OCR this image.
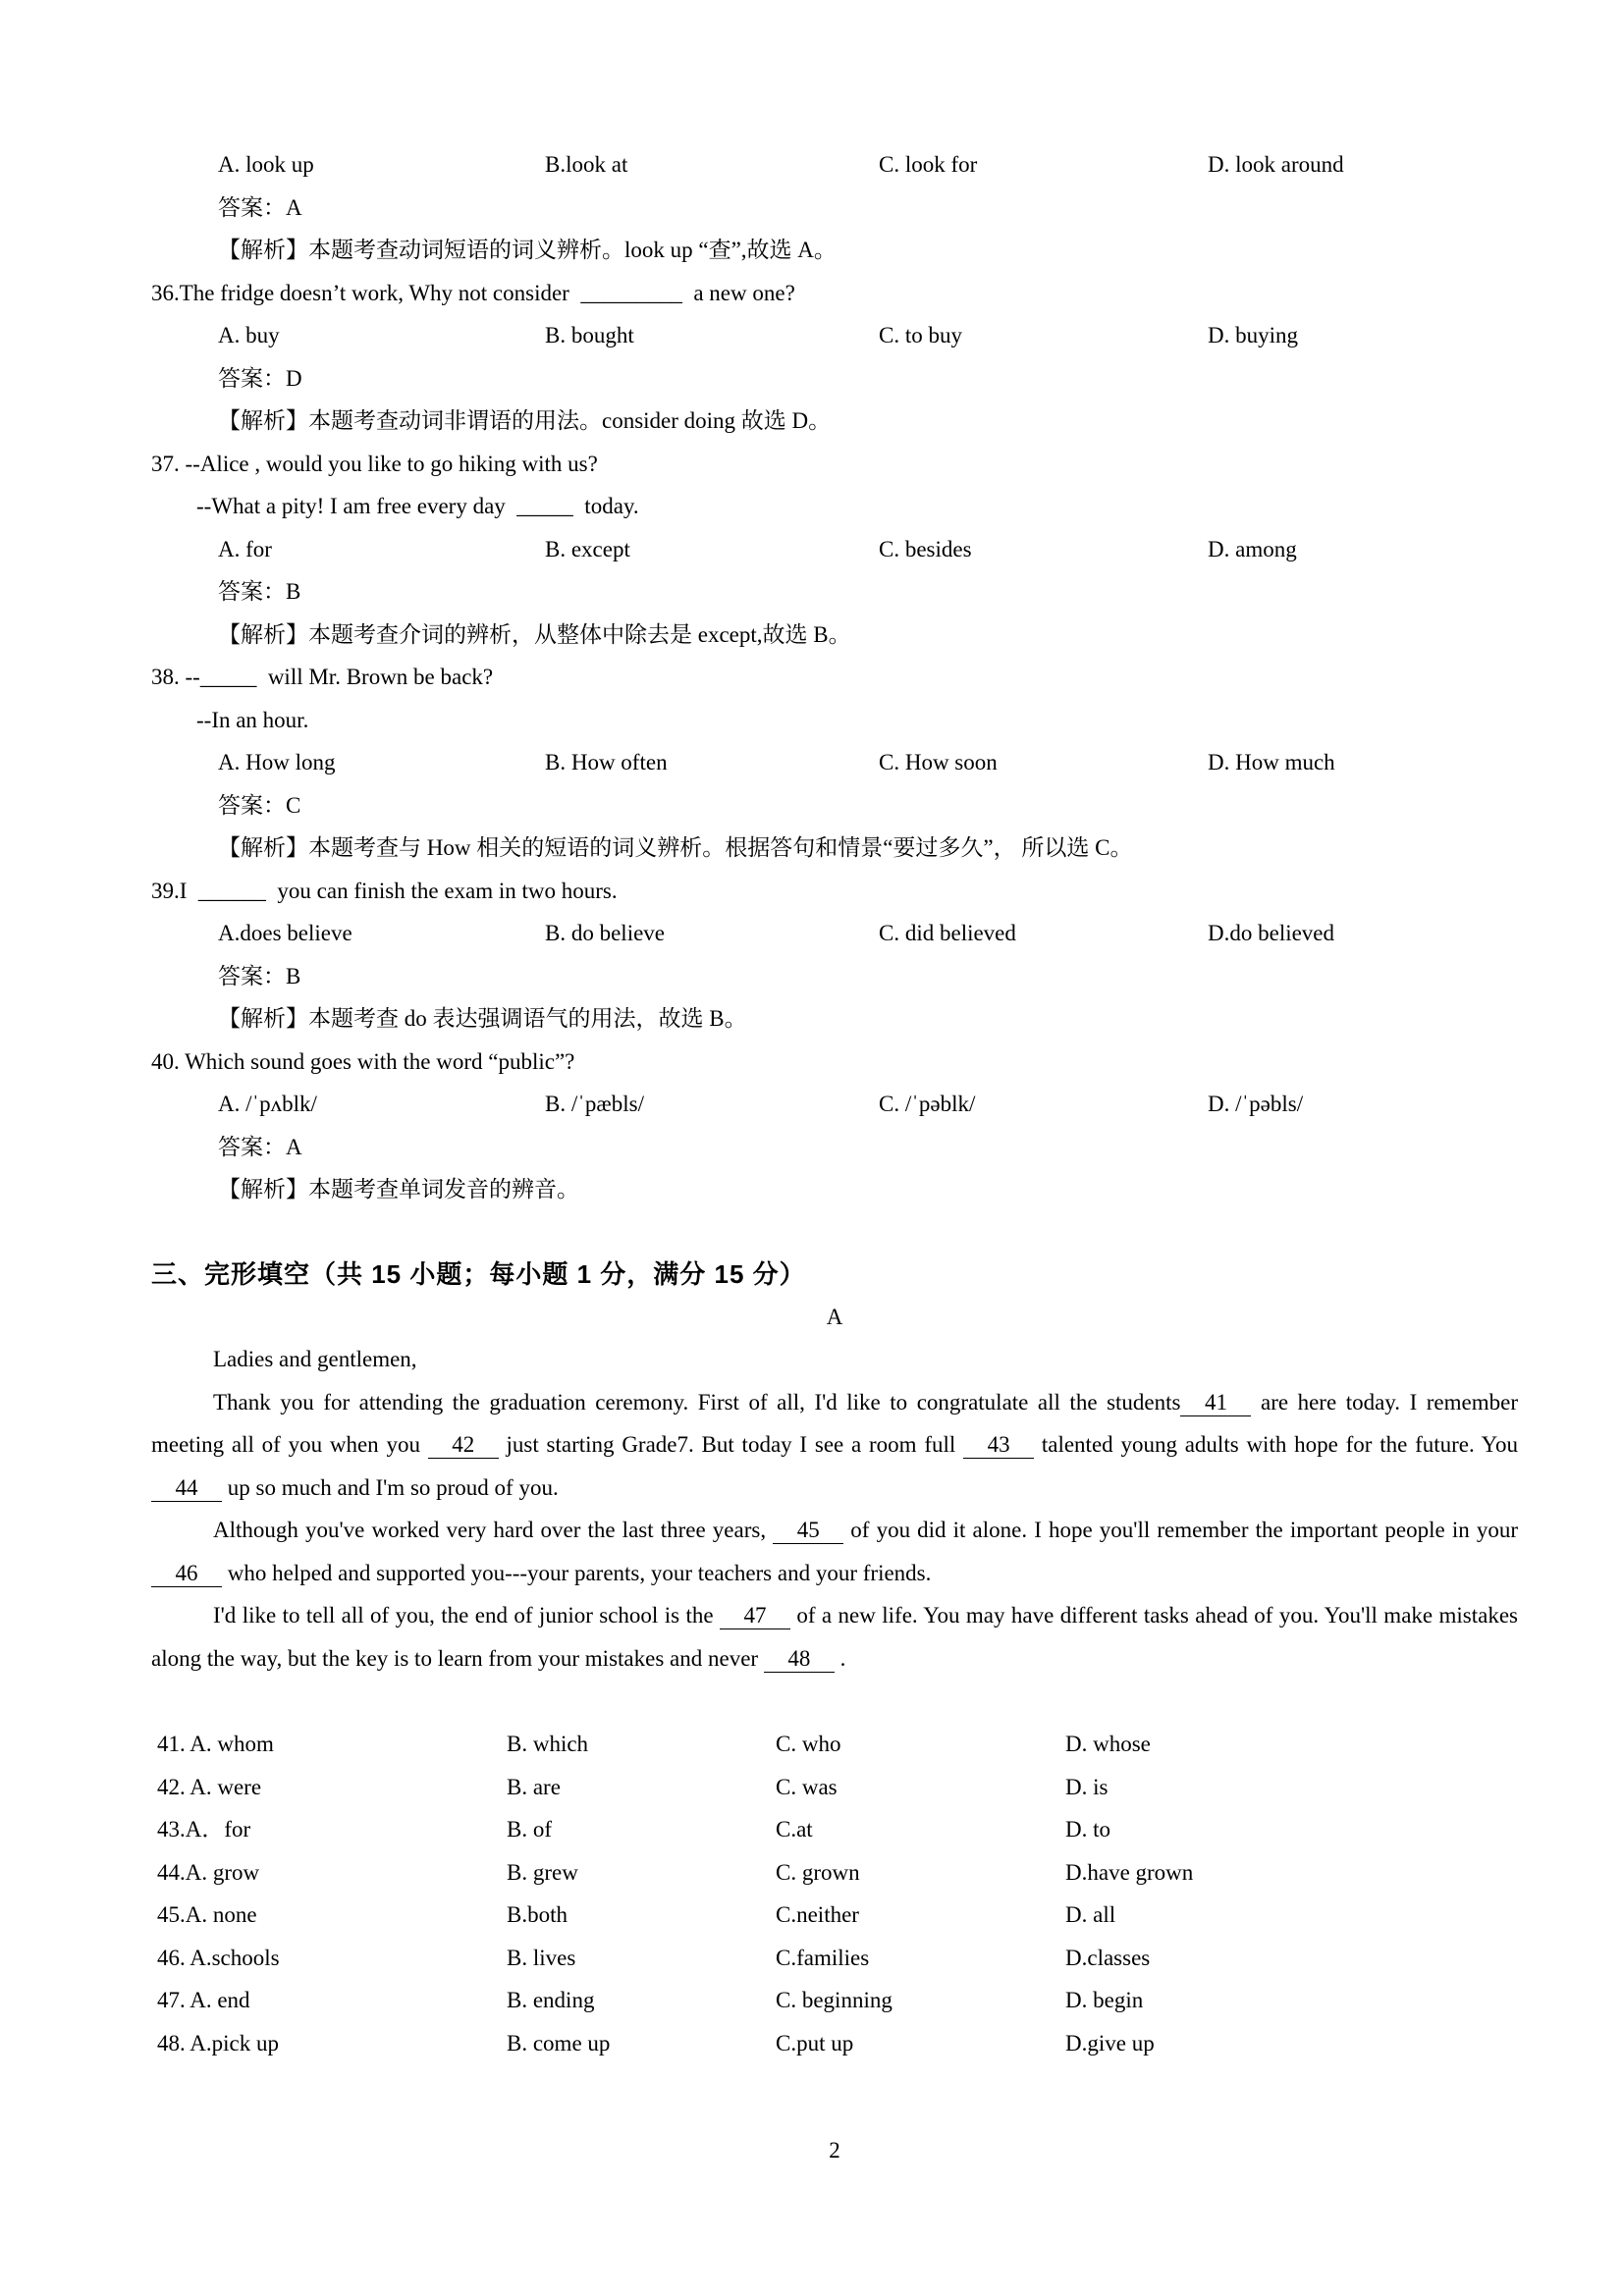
A. look up	B.look at	C. look for	D. look around
答案：A
【解析】本题考查动词短语的词义辨析。look up “查”,故选 A。
36.The fridge doesn’t work, Why not consider  _________  a new one?
A. buy	B. bought	C. to buy	D. buying
答案：D
【解析】本题考查动词非谓语的用法。consider doing 故选 D。
37. --Alice , would you like to go hiking with us?
--What a pity! I am free every day  _____  today.
A. for	B. except	C. besides	D. among
答案：B
【解析】本题考查介词的辨析，从整体中除去是 except,故选 B。
38. --_____  will Mr. Brown be back?
--In an hour.
A. How long	B. How often	C. How soon	D. How much
答案：C
【解析】本题考查与 How 相关的短语的词义辨析。根据答句和情景“要过多久”， 所以选 C。
39.I  ______  you can finish the exam in two hours.
A.does believe	B. do believe	C. did believed	D.do believed
答案：B
【解析】本题考查 do 表达强调语气的用法，故选 B。
40. Which sound goes with the word “public”?
A. /ˈpʌblk/	B. /ˈpæbls/	C. /ˈpəblk/	D. /ˈpəbls/
答案：A
【解析】本题考查单词发音的辨音。
三、完形填空（共 15 小题；每小题 1 分，满分 15 分）
A

Ladies and gentlemen,

Thank you for attending the graduation ceremony. First of all, I'd like to congratulate all the students 41 are here today. I remember meeting all of you when you 42 just starting Grade7. But today I see a room full 43 talented young adults with hope for the future. You 44 up so much and I'm so proud of you.

Although you've worked very hard over the last three years, 45 of you did it alone. I hope you'll remember the important people in your 46 who helped and supported you---your parents, your teachers and your friends.

I'd like to tell all of you, the end of junior school is the 47 of a new life. You may have different tasks ahead of you. You'll make mistakes along the way, but the key is to learn from your mistakes and never 48 .

41. A. whom	B. which	C. who	D. whose
42. A. were	B. are	C. was	D. is
43.A．for	B. of	C.at	D. to
44.A. grow	B. grew	C. grown	D.have grown
45.A. none	B.both	C.neither	D. all
46. A.schools	B. lives	C.families	D.classes
47. A. end	B. ending	C. beginning	D. begin
48. A.pick up	B. come up	C.put up	D.give up
2
